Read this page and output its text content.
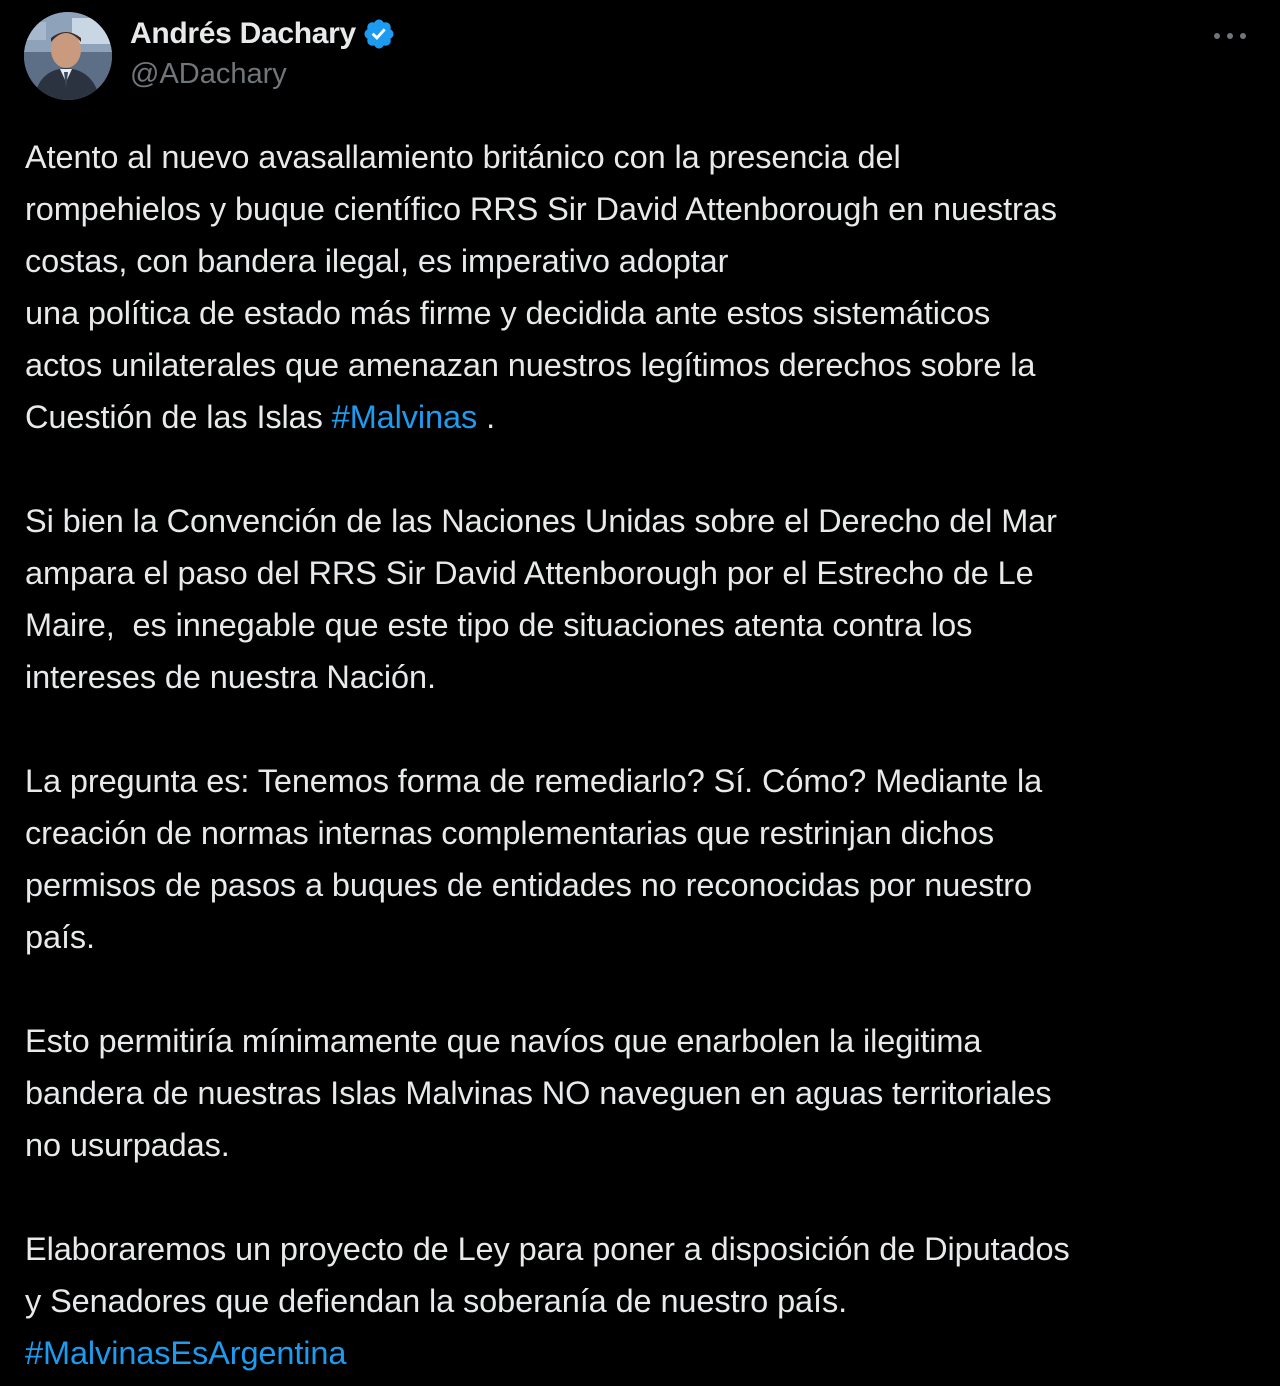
Andrés Dachary
@ADachary
Atento al nuevo avasallamiento británico con la presencia del
rompehielos y buque científico RRS Sir David Attenborough en nuestras
costas, con bandera ilegal, es imperativo adoptar
una política de estado más firme y decidida ante estos sistemáticos
actos unilaterales que amenazan nuestros legítimos derechos sobre la
Cuestión de las Islas #Malvinas .
Si bien la Convención de las Naciones Unidas sobre el Derecho del Mar
ampara el paso del RRS Sir David Attenborough por el Estrecho de Le
Maire,  es innegable que este tipo de situaciones atenta contra los
intereses de nuestra Nación.
La pregunta es: Tenemos forma de remediarlo? Sí. Cómo? Mediante la
creación de normas internas complementarias que restrinjan dichos
permisos de pasos a buques de entidades no reconocidas por nuestro
país.
Esto permitiría mínimamente que navíos que enarbolen la ilegitima
bandera de nuestras Islas Malvinas NO naveguen en aguas territoriales
no usurpadas.
Elaboraremos un proyecto de Ley para poner a disposición de Diputados
y Senadores que defiendan la soberanía de nuestro país.
#MalvinasEsArgentina
